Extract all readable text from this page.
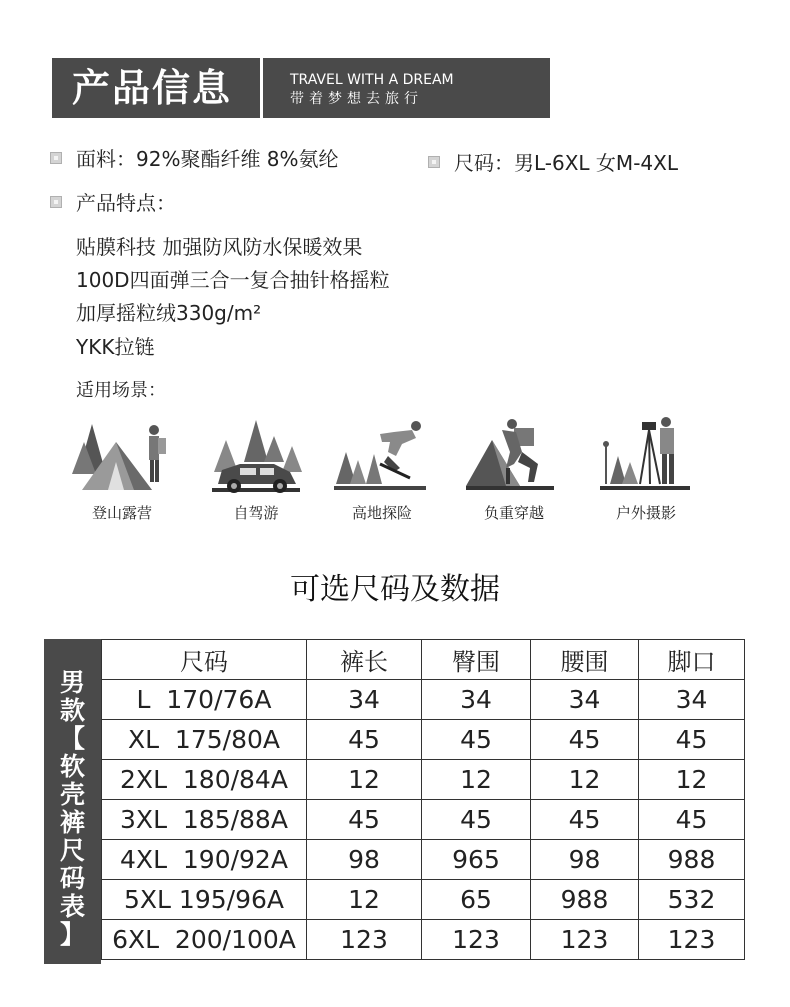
产品信息	TRAVEL WITH A DREAM
带着梦想去旅行
面料：92%聚酯纤维 8%氨纶	尺码：男L-6XL 女M-4XL
产品特点：
贴膜科技 加强防风防水保暖效果
100D四面弹三合一复合抽针格摇粒
加厚摇粒绒330g/m²
YKK拉链
适用场景：
登山露营	自驾游	高地探险	负重穿越	户外摄影
可选尺码及数据
男
款
【
软
壳
裤
尺
码
表
】
尺码	裤长	臀围	腰围	脚口
L  170/76A	34	34	34	34
XL  175/80A	45	45	45	45
2XL  180/84A	12	12	12	12
3XL  185/88A	45	45	45	45
4XL  190/92A	98	965	98	988
5XL 195/96A	12	65	988	532
6XL  200/100A	123	123	123	123
